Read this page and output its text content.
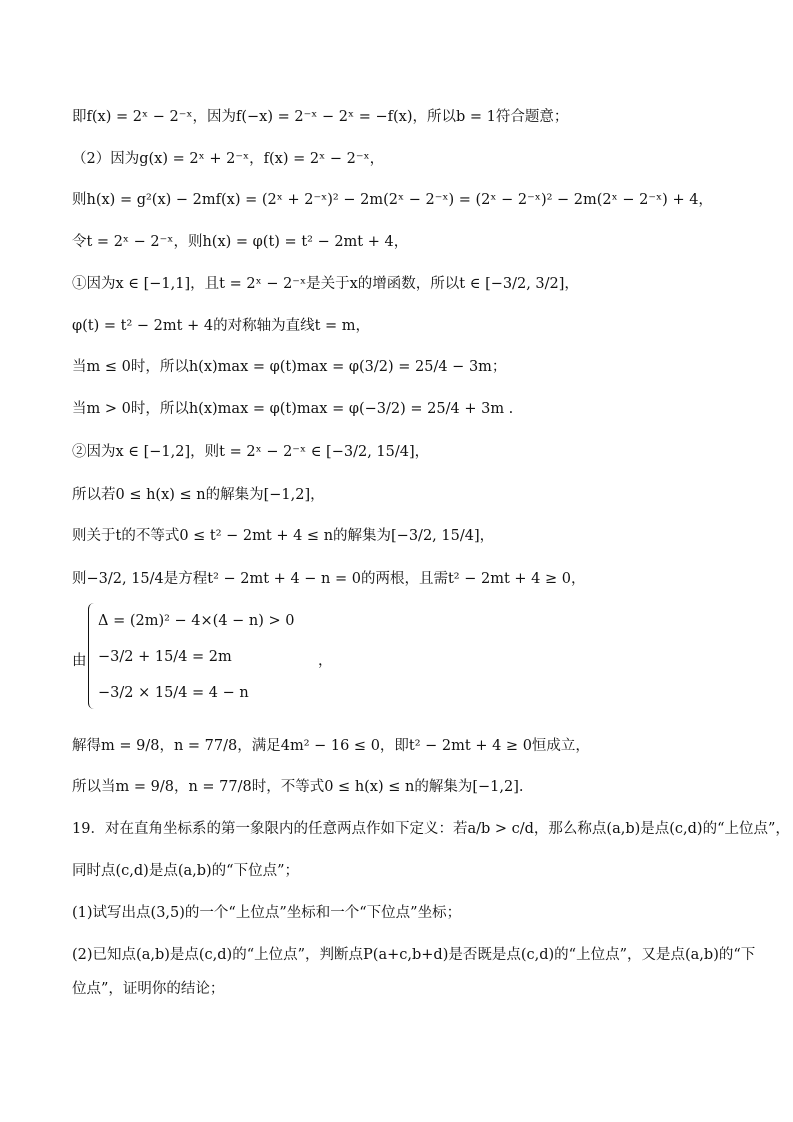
即f(x) = 2ˣ − 2⁻ˣ，因为f(−x) = 2⁻ˣ − 2ˣ = −f(x)，所以b = 1符合题意；
（2）因为g(x) = 2ˣ + 2⁻ˣ，f(x) = 2ˣ − 2⁻ˣ，
则h(x) = g²(x) − 2mf(x) = (2ˣ + 2⁻ˣ)² − 2m(2ˣ − 2⁻ˣ) = (2ˣ − 2⁻ˣ)² − 2m(2ˣ − 2⁻ˣ) + 4，
令t = 2ˣ − 2⁻ˣ，则h(x) = φ(t) = t² − 2mt + 4，
①因为x ∈ [−1,1]，且t = 2ˣ − 2⁻ˣ是关于x的增函数，所以t ∈ [−3/2, 3/2]，
φ(t) = t² − 2mt + 4的对称轴为直线t = m，
当m ≤ 0时，所以h(x)max = φ(t)max = φ(3/2) = 25/4 − 3m；
当m > 0时，所以h(x)max = φ(t)max = φ(−3/2) = 25/4 + 3m .
②因为x ∈ [−1,2]，则t = 2ˣ − 2⁻ˣ ∈ [−3/2, 15/4]，
所以若0 ≤ h(x) ≤ n的解集为[−1,2]，
则关于t的不等式0 ≤ t² − 2mt + 4 ≤ n的解集为[−3/2, 15/4]，
则−3/2, 15/4是方程t² − 2mt + 4 − n = 0的两根，且需t² − 2mt + 4 ≥ 0，
由
Δ = (2m)² − 4×(4 − n) > 0
−3/2 + 15/4 = 2m
−3/2 × 15/4 = 4 − n
，
解得m = 9/8，n = 77/8，满足4m² − 16 ≤ 0，即t² − 2mt + 4 ≥ 0恒成立，
所以当m = 9/8，n = 77/8时，不等式0 ≤ h(x) ≤ n的解集为[−1,2].
19．对在直角坐标系的第一象限内的任意两点作如下定义：若a/b > c/d，那么称点(a,b)是点(c,d)的“上位点”，
同时点(c,d)是点(a,b)的“下位点”；
(1)试写出点(3,5)的一个“上位点”坐标和一个“下位点”坐标；
(2)已知点(a,b)是点(c,d)的“上位点”，判断点P(a+c,b+d)是否既是点(c,d)的“上位点”，又是点(a,b)的“下
位点”，证明你的结论；
